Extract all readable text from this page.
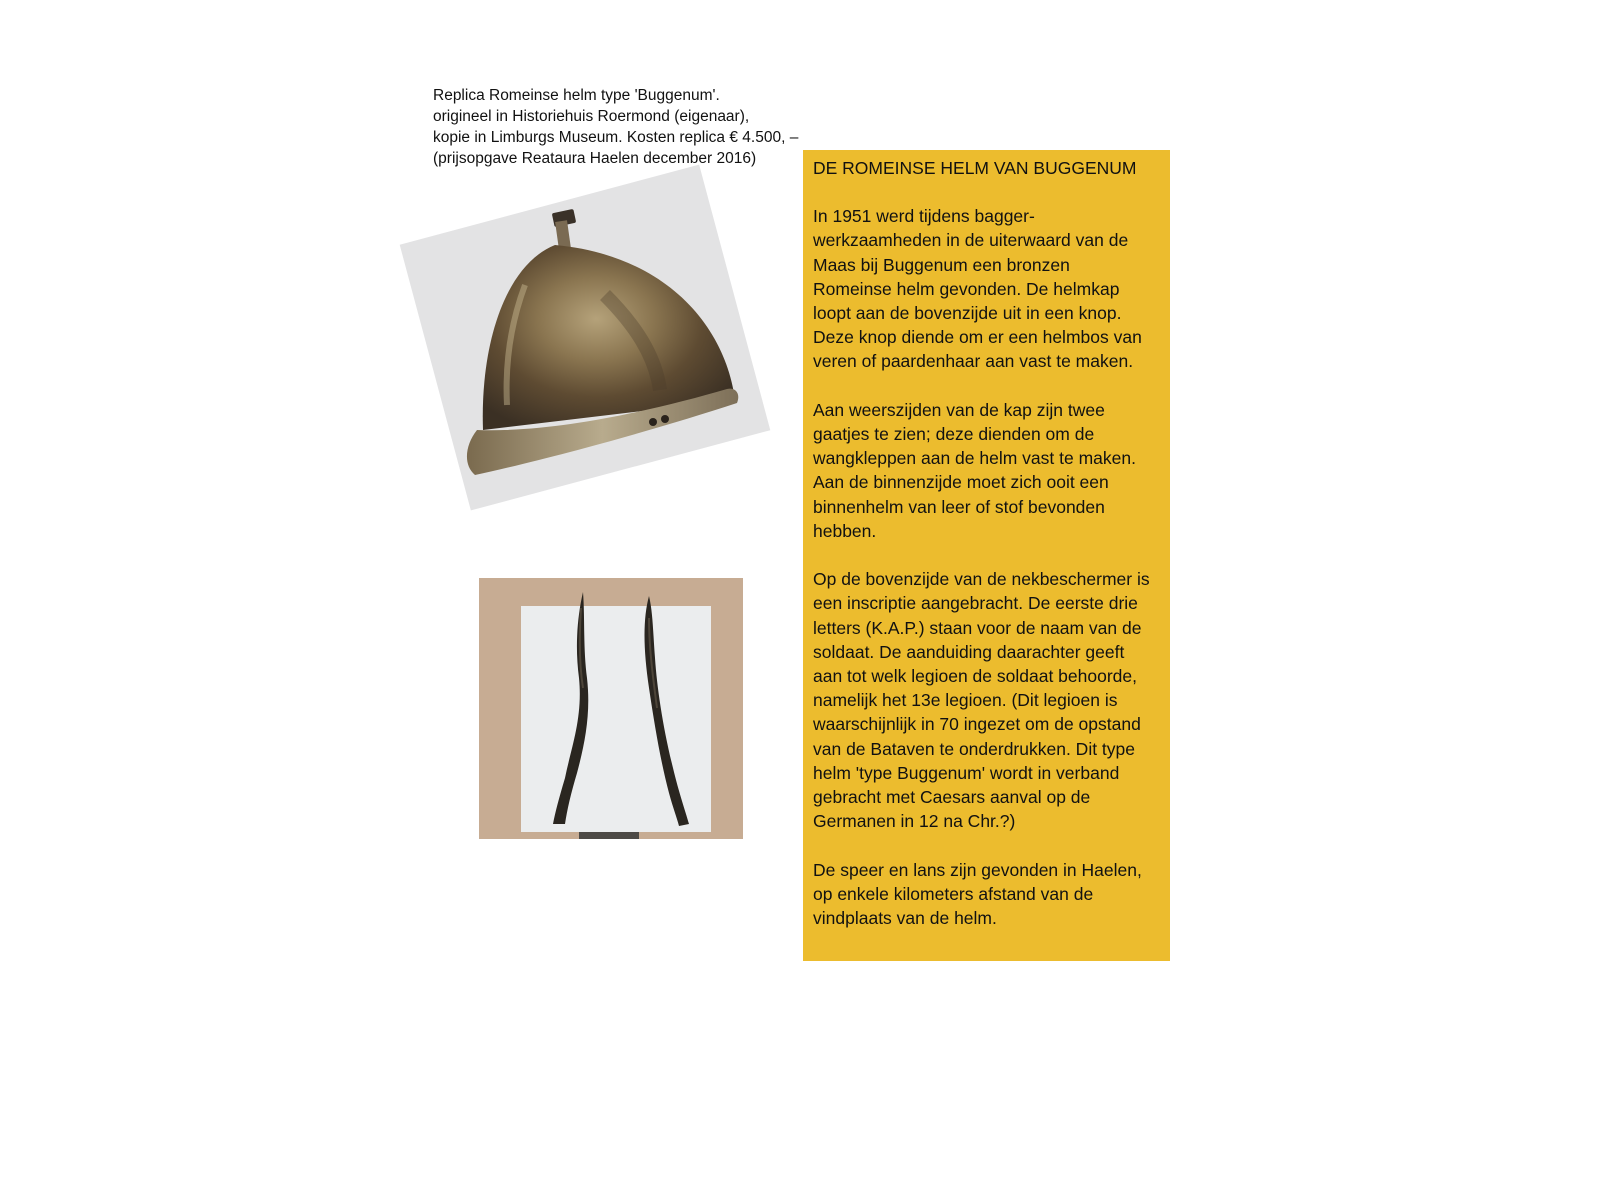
Replica Romeinse helm type 'Buggenum'.
origineel in Historiehuis Roermond (eigenaar),
kopie in Limburgs Museum. Kosten replica € 4.500, –
(prijsopgave Reataura Haelen december 2016)	DE ROMEINSE HELM VAN BUGGENUM
In 1951 werd tijdens bagger-
werkzaamheden in de uiterwaard van de
Maas bij Buggenum een bronzen
Romeinse helm gevonden. De helmkap
loopt aan de bovenzijde uit in een knop.
Deze knop diende om er een helmbos van
veren of paardenhaar aan vast te maken.
Aan weerszijden van de kap zijn twee
gaatjes te zien; deze dienden om de
wangkleppen aan de helm vast te maken.
Aan de binnenzijde moet zich ooit een
binnenhelm van leer of stof bevonden
hebben.
Op de bovenzijde van de nekbeschermer is
een inscriptie aangebracht. De eerste drie
letters (K.A.P.) staan voor de naam van de
soldaat. De aanduiding daarachter geeft
aan tot welk legioen de soldaat behoorde,
namelijk het 13e legioen. (Dit legioen is
waarschijnlijk in 70 ingezet om de opstand
van de Bataven te onderdrukken. Dit type
helm 'type Buggenum' wordt in verband
gebracht met Caesars aanval op de
Germanen in 12 na Chr.?)
De speer en lans zijn gevonden in Haelen,
op enkele kilometers afstand van de
vindplaats van de helm.
